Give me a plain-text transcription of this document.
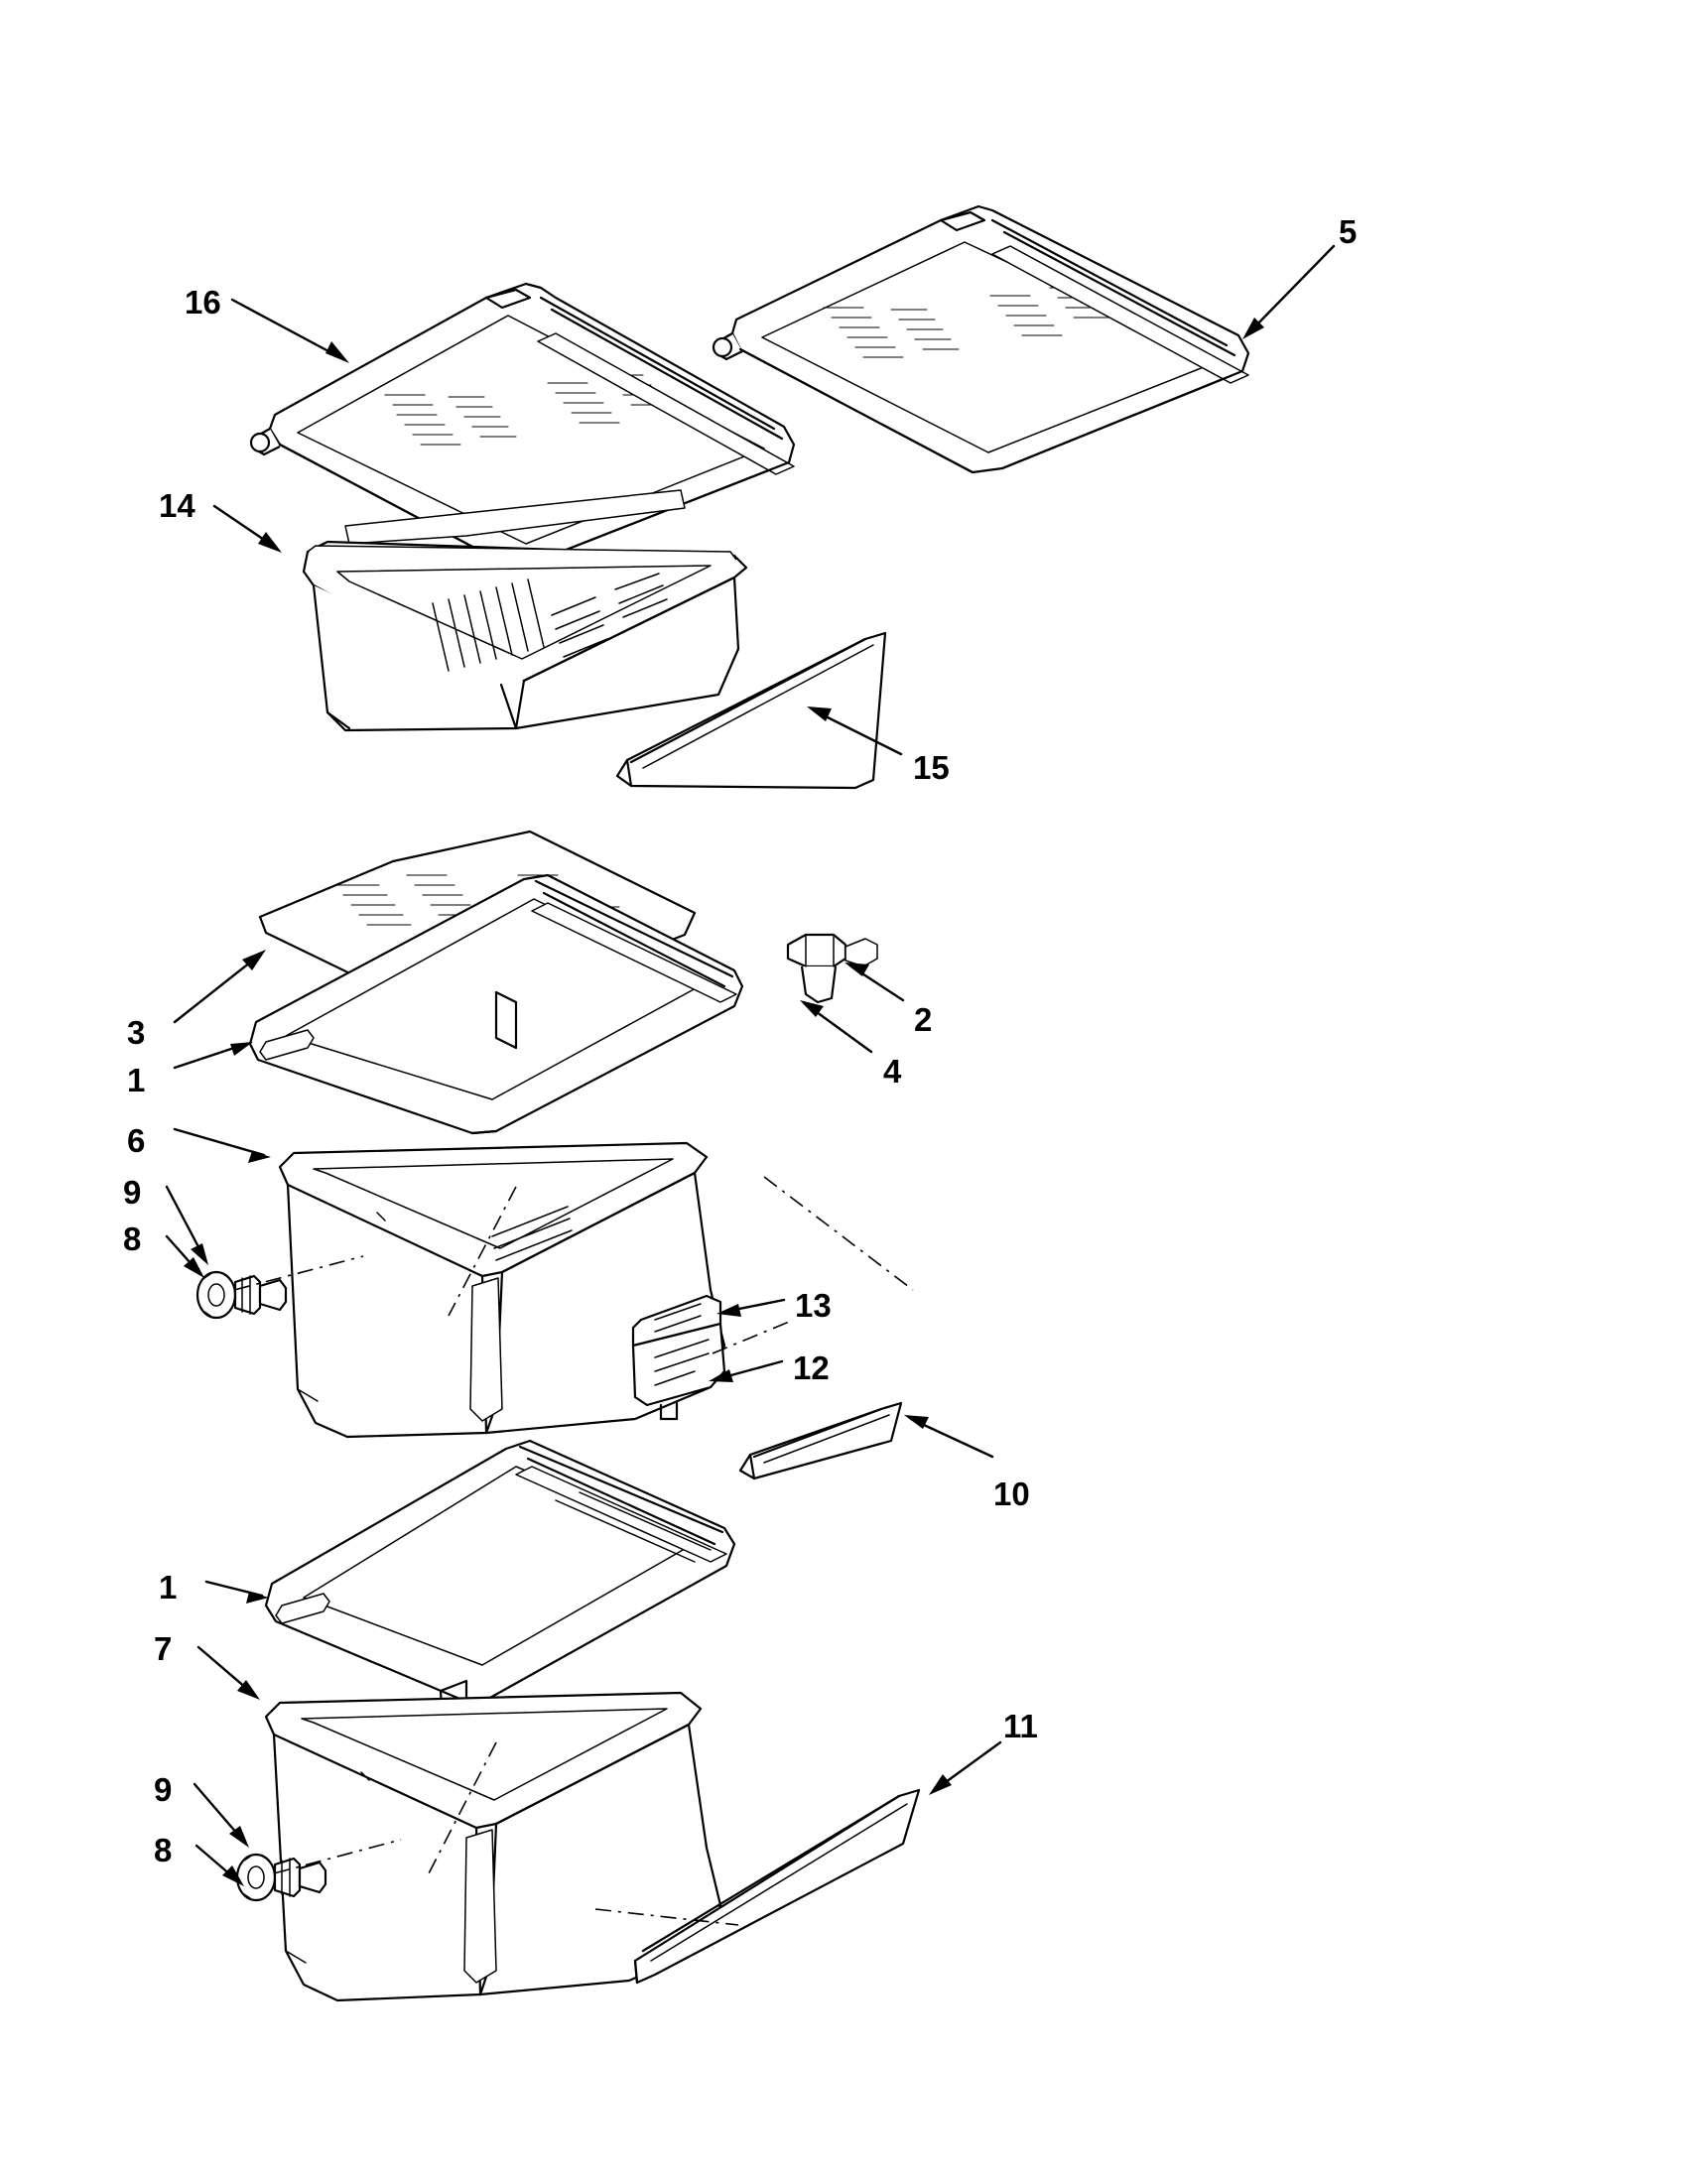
16
5
14
15
3
1
2
4
6
9
8
13
12
10
1
7
11
9
8
